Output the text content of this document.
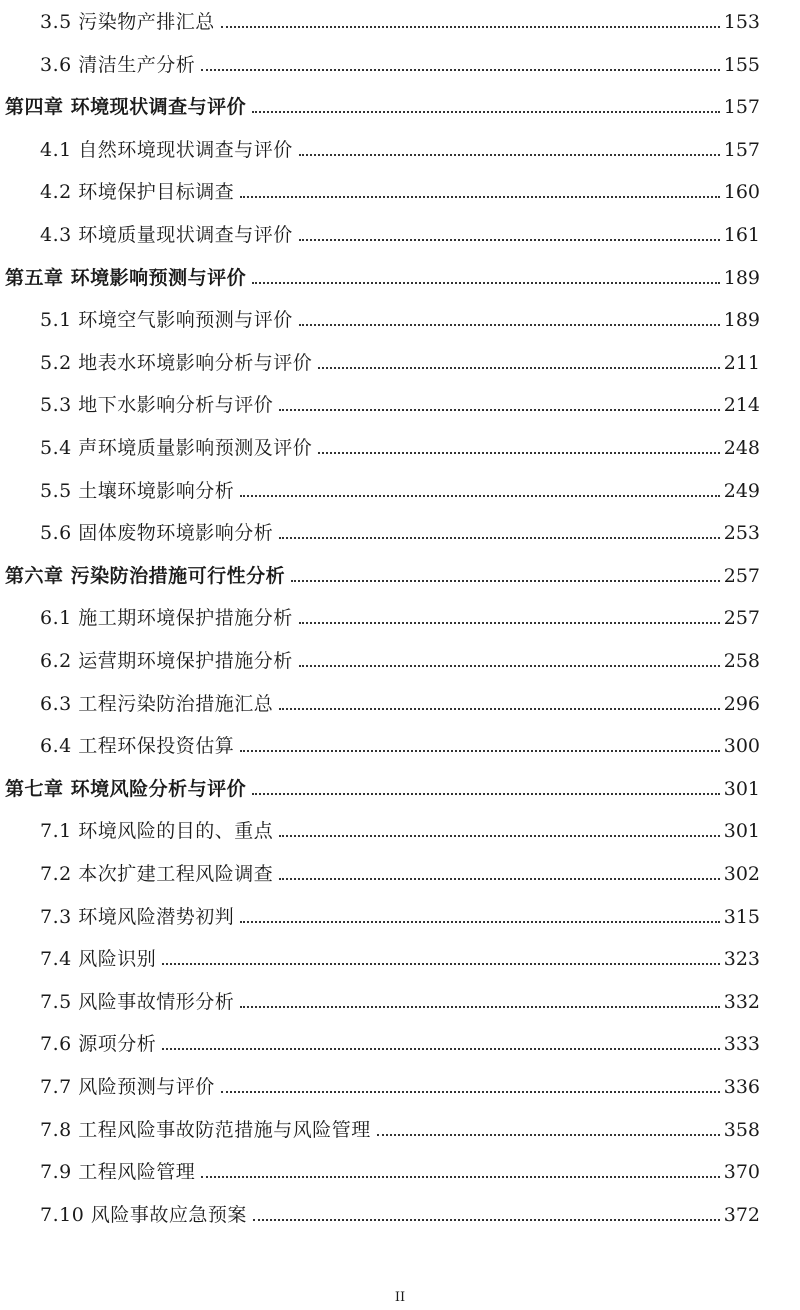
3.5 污染物产排汇总	153
3.6 清洁生产分析	155
第四章 环境现状调查与评价	157
4.1 自然环境现状调查与评价	157
4.2 环境保护目标调查	160
4.3 环境质量现状调查与评价	161
第五章 环境影响预测与评价	189
5.1 环境空气影响预测与评价	189
5.2 地表水环境影响分析与评价	211
5.3 地下水影响分析与评价	214
5.4 声环境质量影响预测及评价	248
5.5 土壤环境影响分析	249
5.6 固体废物环境影响分析	253
第六章 污染防治措施可行性分析	257
6.1 施工期环境保护措施分析	257
6.2 运营期环境保护措施分析	258
6.3 工程污染防治措施汇总	296
6.4 工程环保投资估算	300
第七章 环境风险分析与评价	301
7.1 环境风险的目的、重点	301
7.2 本次扩建工程风险调查	302
7.3 环境风险潜势初判	315
7.4 风险识别	323
7.5 风险事故情形分析	332
7.6 源项分析	333
7.7 风险预测与评价	336
7.8 工程风险事故防范措施与风险管理	358
7.9 工程风险管理	370
7.10 风险事故应急预案	372
II
